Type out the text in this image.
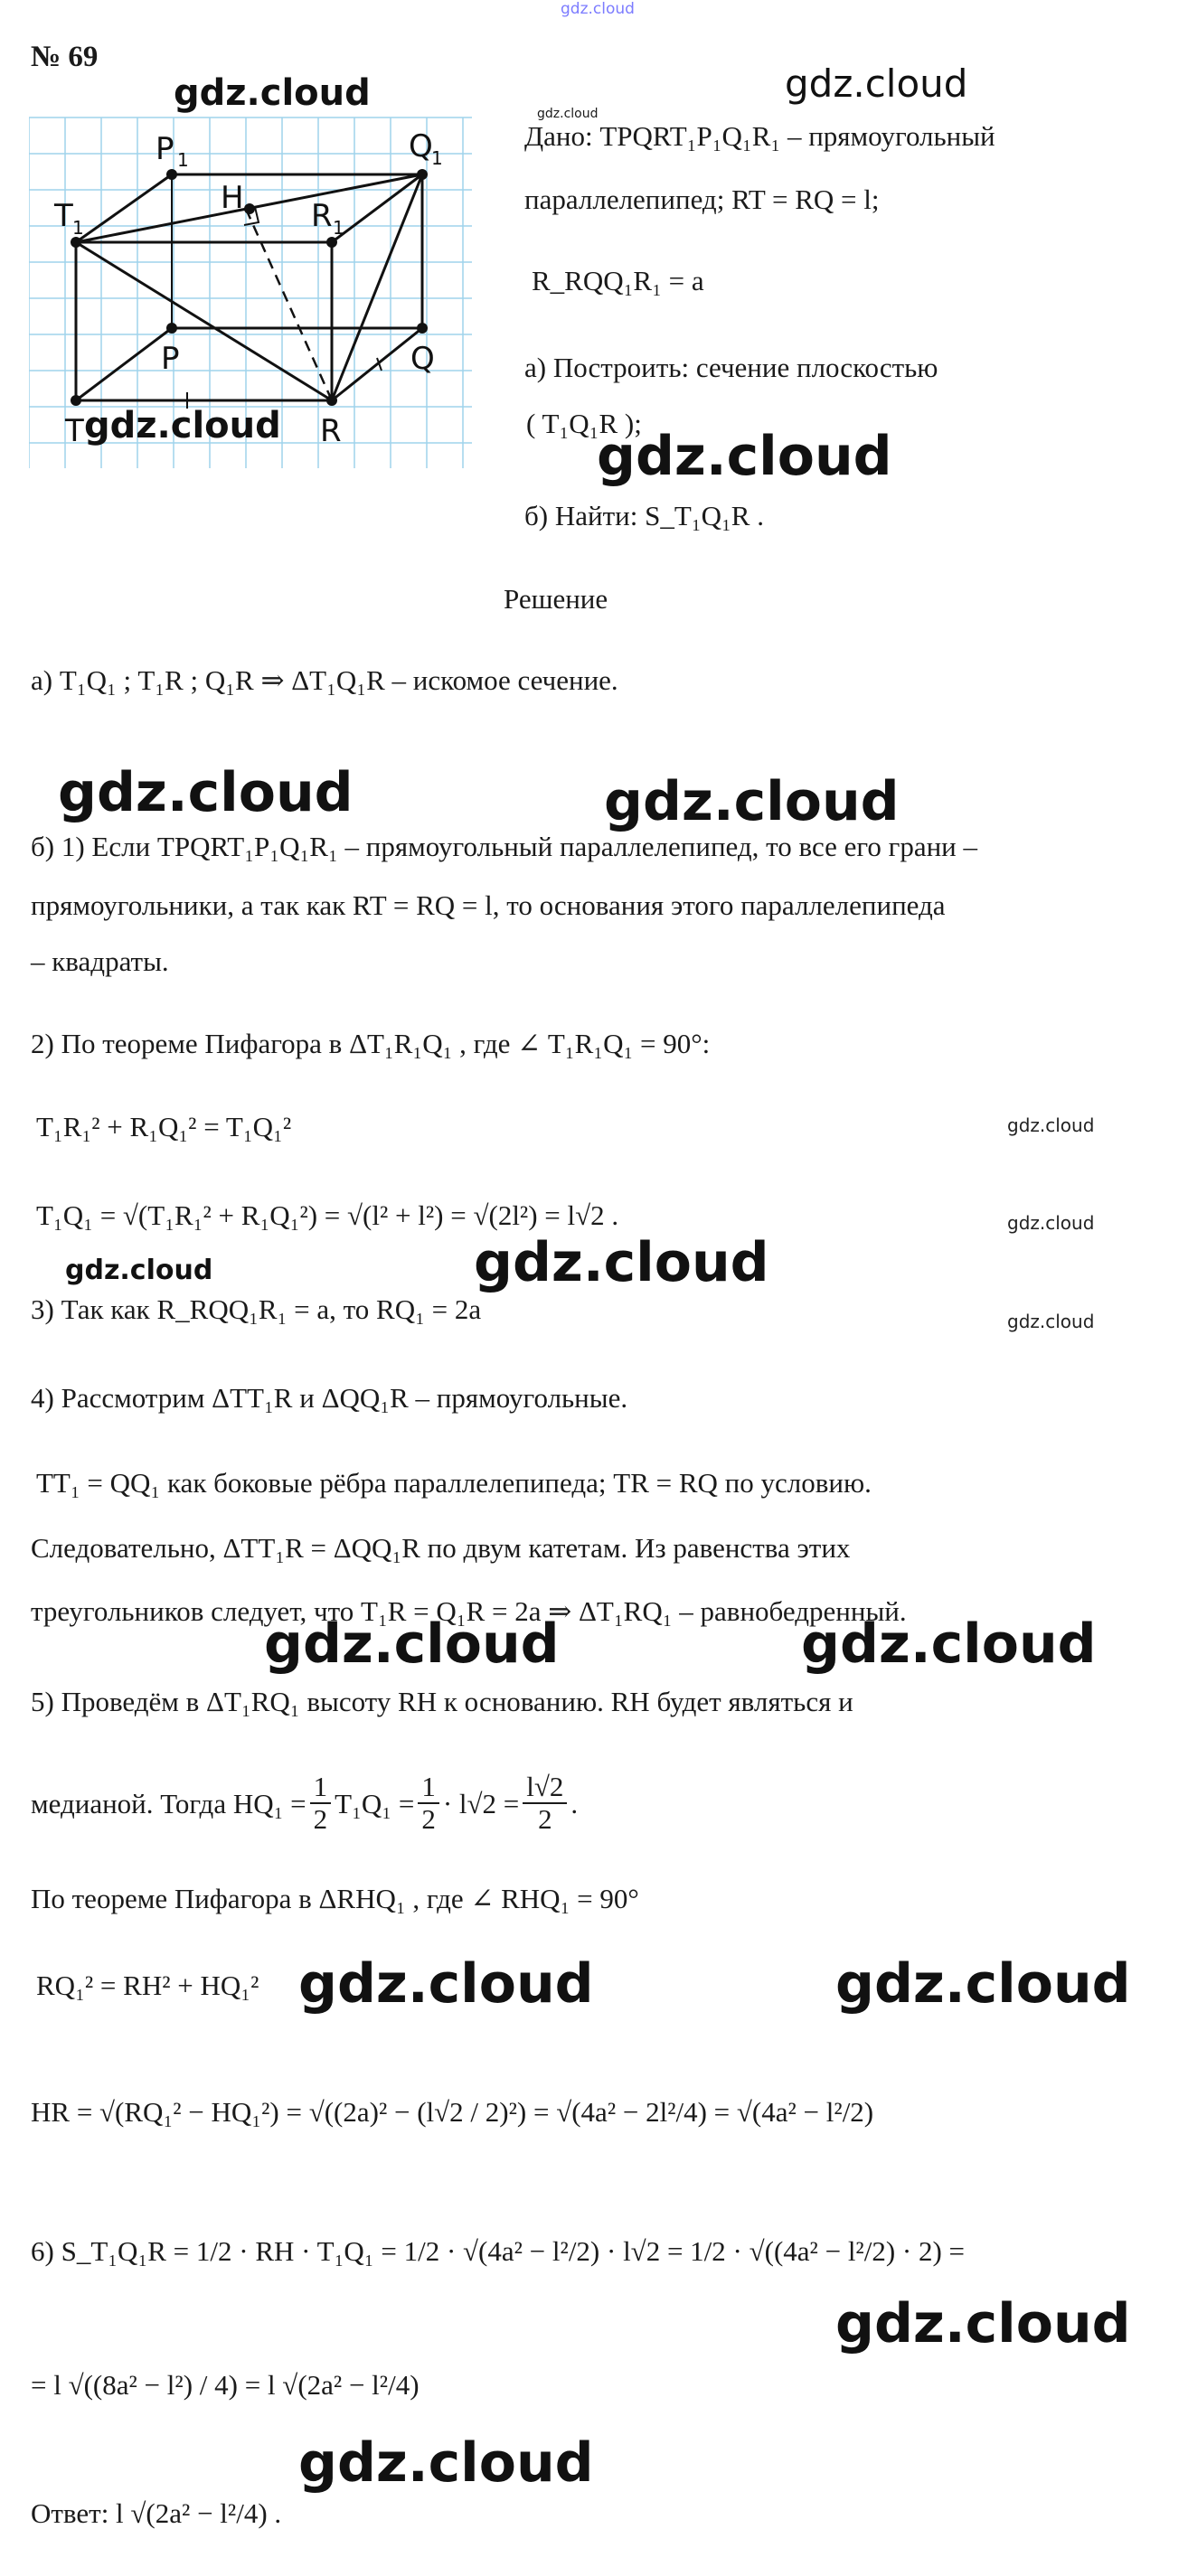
gdz.cloud
№ 69
P 1	Q
1
T 1
H R 1
P	Q
T	R
gdz.cloud
Дано: TPQRT₁P₁Q₁R₁ – прямоугольный
параллелепипед; RT = RQ = l;
R_RQQ₁R₁ = a
а) Построить: сечение плоскостью
( T₁Q₁R );
б) Найти: S_T₁Q₁R .
Решение
а) T₁Q₁ ; T₁R ; Q₁R ⇒ ΔT₁Q₁R – искомое сечение.
б) 1) Если TPQRT₁P₁Q₁R₁ – прямоугольный параллелепипед, то все его грани –
прямоугольники, а так как RT = RQ = l, то основания этого параллелепипеда
– квадраты.
2) По теореме Пифагора в ΔT₁R₁Q₁ , где ∠ T₁R₁Q₁ = 90°:
T₁R₁² + R₁Q₁² = T₁Q₁²
T₁Q₁ = √(T₁R₁² + R₁Q₁²) = √(l² + l²) = √(2l²) = l√2 .
3) Так как R_RQQ₁R₁ = a, то RQ₁ = 2a
4) Рассмотрим ΔTT₁R и ΔQQ₁R – прямоугольные.
TT₁ = QQ₁ как боковые рёбра параллелепипеда; TR = RQ по условию.
Следовательно, ΔTT₁R = ΔQQ₁R по двум катетам. Из равенства этих
треугольников следует, что T₁R = Q₁R = 2a ⇒ ΔT₁RQ₁ – равнобедренный.
5) Проведём в ΔT₁RQ₁ высоту RH к основанию. RH будет являться и
медианой. Тогда $HQ_1 = \frac{1}{2} T_1Q_1 = \frac{1}{2} \cdot l√2 = \frac{l√2}{2}$ .
По теореме Пифагора в ΔRHQ₁ , где ∠ RHQ₁ = 90°
RQ₁² = RH² + HQ₁²
HR = √(RQ₁² − HQ₁²) = √((2a)² − (l√2 / 2)²) = √(4a² − 2l²/4) = √(4a² − l²/2)
6) S_T₁Q₁R = 1/2 · RH · T₁Q₁ = 1/2 · √(4a² − l²/2) · l√2 = 1/2 · √((4a² − l²/2) · 2) =
= l √((8a² − l²) / 4) = l √(2a² − l²/4)
Ответ: l √(2a² − l²/4) .
gdz.cloud
gdz.cloud
gdz.cloud
gdz.cloud
gdz.cloud	gdz.cloud
gdz.cloud
gdz.cloud
gdz.cloud
gdz.cloud	gdz.cloud
gdz.cloud	gdz.cloud
gdz.cloud	gdz.cloud
gdz.cloud
gdz.cloud
